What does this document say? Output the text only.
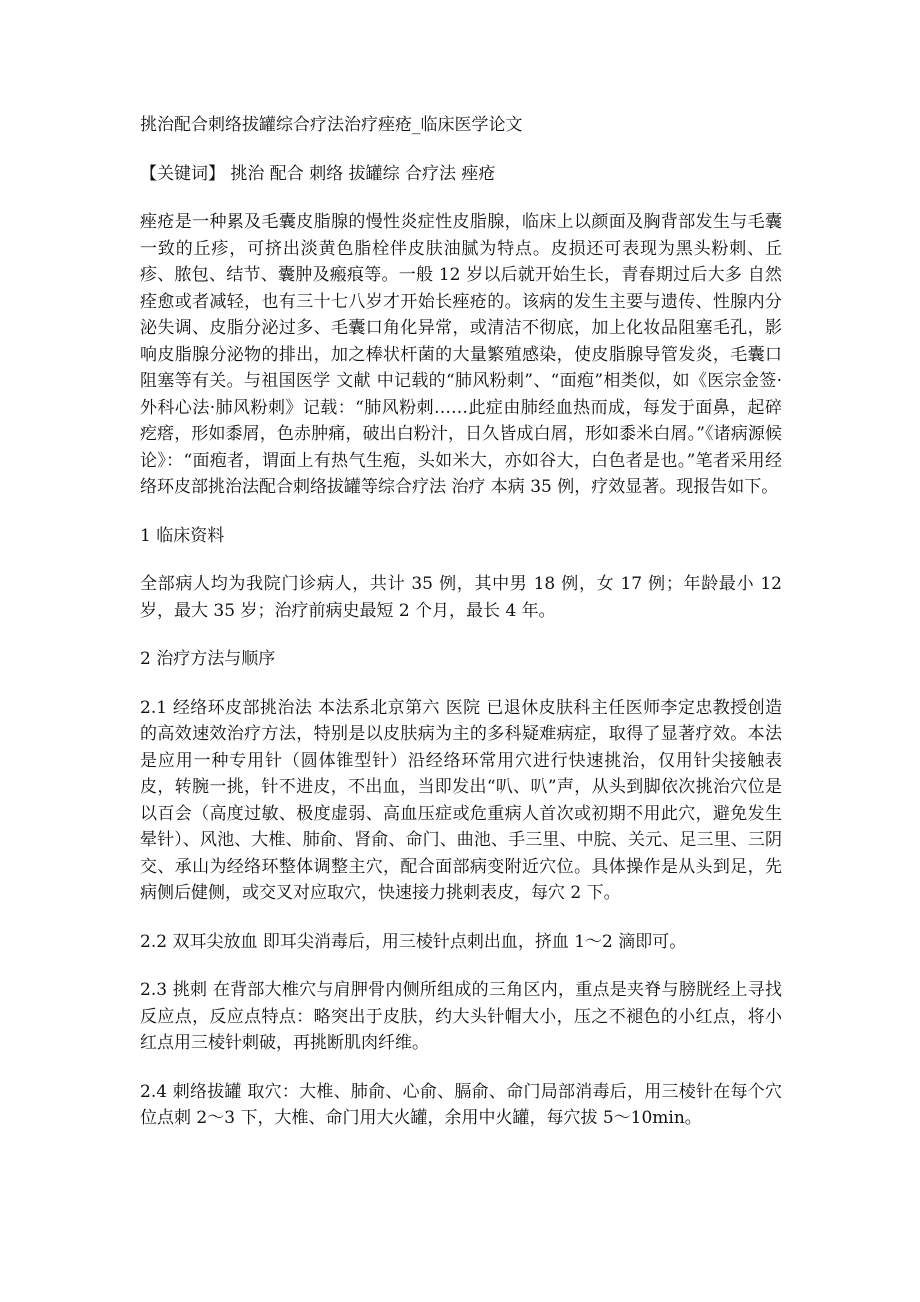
挑治配合刺络拔罐综合疗法治疗痤疮_临床医学论文
【关键词】 挑治 配合 刺络 拔罐综 合疗法 痤疮

痤疮是一种累及毛囊皮脂腺的慢性炎症性皮脂腺，临床上以颜面及胸背部发生与毛囊一致的丘疹，可挤出淡黄色脂栓伴皮肤油腻为特点。皮损还可表现为黑头粉刺、丘疹、脓包、结节、囊肿及瘢痕等。一般 12 岁以后就开始生长，青春期过后大多 自然 痊愈或者减轻，也有三十七八岁才开始长痤疮的。该病的发生主要与遗传、性腺内分泌失调、皮脂分泌过多、毛囊口角化异常，或清洁不彻底，加上化妆品阻塞毛孔，影响皮脂腺分泌物的排出，加之棒状杆菌的大量繁殖感染，使皮脂腺导管发炎，毛囊口阻塞等有关。与祖国医学 文献 中记载的“肺风粉刺”、“面疱”相类似，如《医宗金签·外科心法·肺风粉刺》记载：“肺风粉刺……此症由肺经血热而成，每发于面鼻，起碎疙瘩，形如黍屑，色赤肿痛，破出白粉汁，日久皆成白屑，形如黍米白屑。”《诸病源候论》：“面疱者，谓面上有热气生疱，头如米大，亦如谷大，白色者是也。”笔者采用经络环皮部挑治法配合刺络拔罐等综合疗法 治疗 本病 35 例，疗效显著。现报告如下。

1 临床资料

全部病人均为我院门诊病人，共计 35 例，其中男 18 例，女 17 例；年龄最小 12 岁，最大 35 岁；治疗前病史最短 2 个月，最长 4 年。

2 治疗方法与顺序

2.1 经络环皮部挑治法 本法系北京第六 医院 已退休皮肤科主任医师李定忠教授创造的高效速效治疗方法，特别是以皮肤病为主的多科疑难病症，取得了显著疗效。本法是应用一种专用针（圆体锥型针）沿经络环常用穴进行快速挑治，仅用针尖接触表皮，转腕一挑，针不进皮，不出血，当即发出“叭、叭”声，从头到脚依次挑治穴位是以百会（高度过敏、极度虚弱、高血压症或危重病人首次或初期不用此穴，避免发生晕针）、风池、大椎、肺俞、肾俞、命门、曲池、手三里、中脘、关元、足三里、三阴交、承山为经络环整体调整主穴，配合面部病变附近穴位。具体操作是从头到足，先病侧后健侧，或交叉对应取穴，快速接力挑刺表皮，每穴 2 下。

2.2 双耳尖放血 即耳尖消毒后，用三棱针点刺出血，挤血 1～2 滴即可。

2.3 挑刺 在背部大椎穴与肩胛骨内侧所组成的三角区内，重点是夹脊与膀胱经上寻找反应点，反应点特点：略突出于皮肤，约大头针帽大小，压之不褪色的小红点，将小红点用三棱针刺破，再挑断肌肉纤维。

2.4 刺络拔罐 取穴：大椎、肺俞、心俞、膈俞、命门局部消毒后，用三棱针在每个穴位点刺 2～3 下，大椎、命门用大火罐，余用中火罐，每穴拔 5～10min。
